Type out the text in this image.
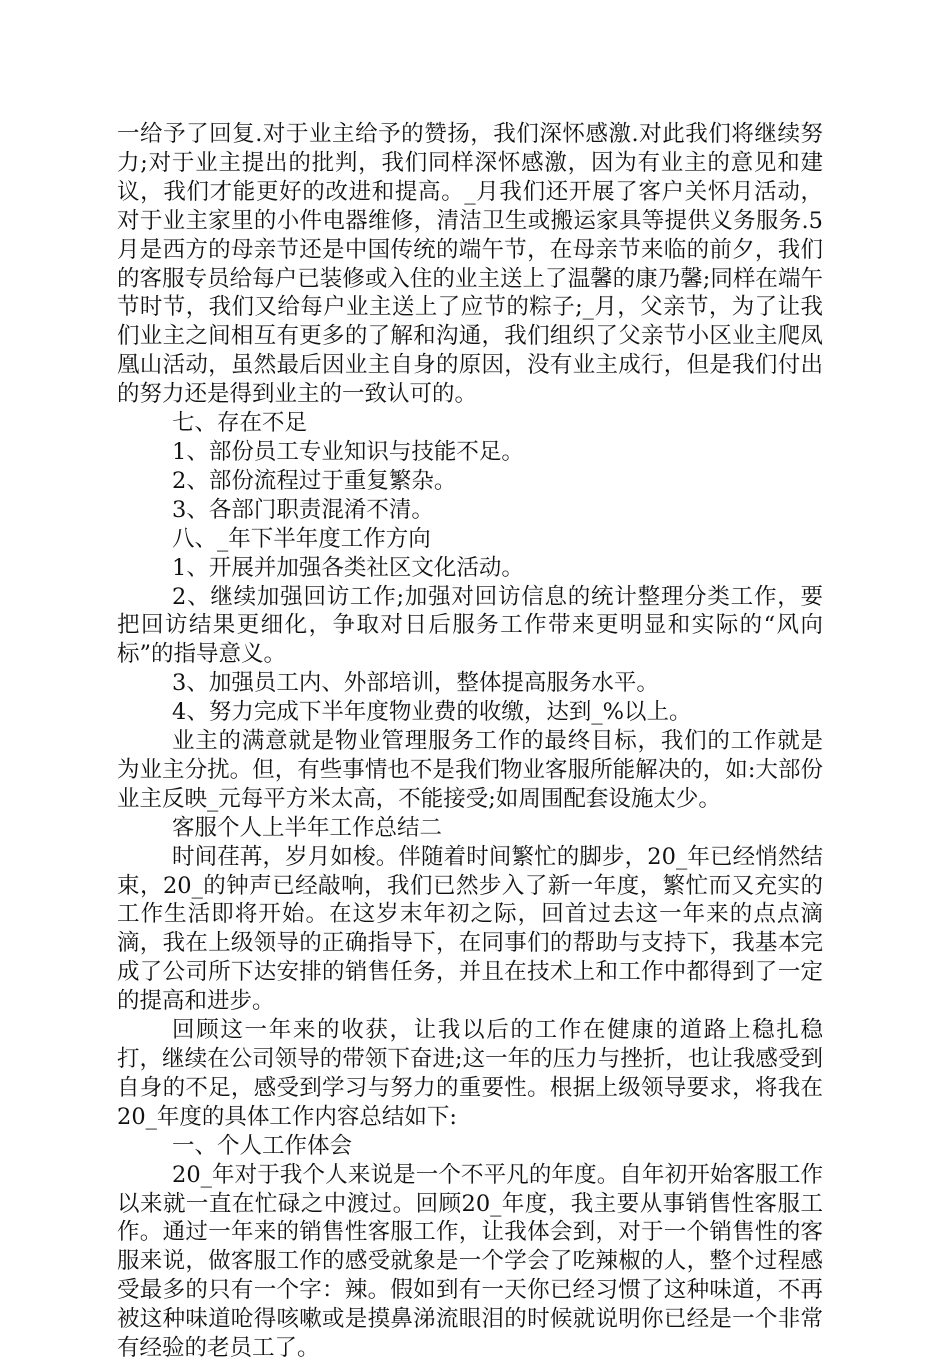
一给予了回复.对于业主给予的赞扬，我们深怀感激.对此我们将继续努力;对于业主提出的批判，我们同样深怀感激，因为有业主的意见和建议，我们才能更好的改进和提高。_月我们还开展了客户关怀月活动，对于业主家里的小件电器维修，清洁卫生或搬运家具等提供义务服务.5月是西方的母亲节还是中国传统的端午节，在母亲节来临的前夕，我们的客服专员给每户已装修或入住的业主送上了温馨的康乃馨;同样在端午节时节，我们又给每户业主送上了应节的粽子;_月，父亲节，为了让我们业主之间相互有更多的了解和沟通，我们组织了父亲节小区业主爬凤凰山活动，虽然最后因业主自身的原因，没有业主成行，但是我们付出的努力还是得到业主的一致认可的。

七、存在不足

1、部份员工专业知识与技能不足。

2、部份流程过于重复繁杂。

3、各部门职责混淆不清。

八、_年下半年度工作方向

1、开展并加强各类社区文化活动。

2、继续加强回访工作;加强对回访信息的统计整理分类工作，要把回访结果更细化，争取对日后服务工作带来更明显和实际的“风向标”的指导意义。

3、加强员工内、外部培训，整体提高服务水平。

4、努力完成下半年度物业费的收缴，达到_%以上。

业主的满意就是物业管理服务工作的最终目标，我们的工作就是为业主分扰。但，有些事情也不是我们物业客服所能解决的，如:大部份业主反映_元每平方米太高，不能接受;如周围配套设施太少。

客服个人上半年工作总结二

时间荏苒，岁月如梭。伴随着时间繁忙的脚步，20_年已经悄然结束，20_的钟声已经敲响，我们已然步入了新一年度，繁忙而又充实的工作生活即将开始。在这岁末年初之际，回首过去这一年来的点点滴滴，我在上级领导的正确指导下，在同事们的帮助与支持下，我基本完成了公司所下达安排的销售任务，并且在技术上和工作中都得到了一定的提高和进步。

回顾这一年来的收获，让我以后的工作在健康的道路上稳扎稳打，继续在公司领导的带领下奋进;这一年的压力与挫折，也让我感受到自身的不足，感受到学习与努力的重要性。根据上级领导要求，将我在20_年度的具体工作内容总结如下:

一、个人工作体会

20_年对于我个人来说是一个不平凡的年度。自年初开始客服工作以来就一直在忙碌之中渡过。回顾20_年度，我主要从事销售性客服工作。通过一年来的销售性客服工作，让我体会到，对于一个销售性的客服来说，做客服工作的感受就象是一个学会了吃辣椒的人，整个过程感受最多的只有一个字：辣。假如到有一天你已经习惯了这种味道，不再被这种味道呛得咳嗽或是摸鼻涕流眼泪的时候就说明你已经是一个非常有经验的老员工了。
